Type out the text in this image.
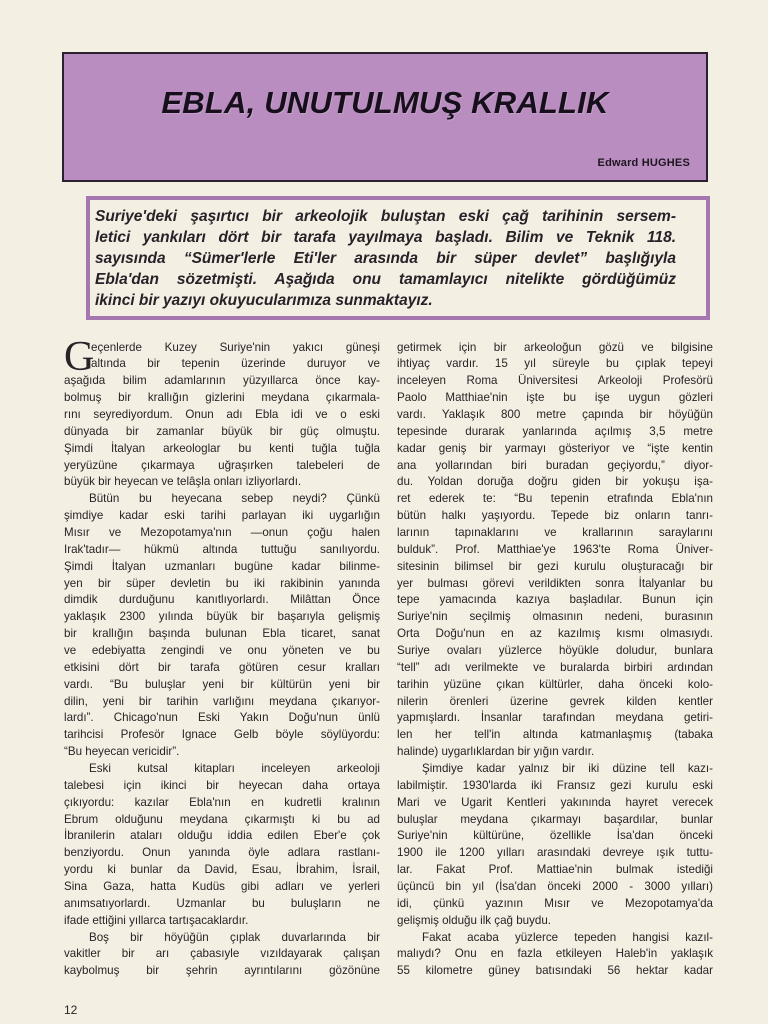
EBLA, UNUTULMUŞ KRALLIK
Edward HUGHES
Suriye'deki şaşırtıcı bir arkeolojik buluştan eski çağ tarihinin sersem-
letici yankıları dört bir tarafa yayılmaya başladı. Bilim ve Teknik 118.
sayısında “Sümer'lerle Eti'ler arasında bir süper devlet” başlığıyla
Ebla'dan sözetmişti. Aşağıda onu tamamlayıcı nitelikte gördüğümüz
ikinci bir yazıyı okuyucularımıza sunmaktayız.
G
eçenlerde Kuzey Suriye'nin yakıcı güneşi
altında bir tepenin üzerinde duruyor ve
aşağıda bilim adamlarının yüzyıllarca önce kay-
bolmuş bir krallığın gizlerini meydana çıkarmala-
rını seyrediyordum. Onun adı Ebla idi ve o eski
dünyada bir zamanlar büyük bir güç olmuştu.
Şimdi İtalyan arkeologlar bu kenti tuğla tuğla
yeryüzüne çıkarmaya uğraşırken talebeleri de
büyük bir heyecan ve telâşla onları izliyorlardı.
Bütün bu heyecana sebep neydi? Çünkü
şimdiye kadar eski tarihi parlayan iki uygarlığın
Mısır ve Mezopotamya'nın —onun çoğu halen
Irak'tadır— hükmü altında tuttuğu sanılıyordu.
Şimdi İtalyan uzmanları bugüne kadar bilinme-
yen bir süper devletin bu iki rakibinin yanında
dimdik durduğunu kanıtlıyorlardı. Milâttan Önce
yaklaşık 2300 yılında büyük bir başarıyla gelişmiş
bir krallığın başında bulunan Ebla ticaret, sanat
ve edebiyatta zengindi ve onu yöneten ve bu
etkisini dört bir tarafa götüren cesur kralları
vardı. “Bu buluşlar yeni bir kültürün yeni bir
dilin, yeni bir tarihin varlığını meydana çıkarıyor-
lardı”. Chicago'nun Eski Yakın Doğu'nun ünlü
tarihcisi Profesör Ignace Gelb böyle söylüyordu:
“Bu heyecan vericidir”.
Eski kutsal kitapları inceleyen arkeoloji
talebesi için ikinci bir heyecan daha ortaya
çıkıyordu: kazılar Ebla'nın en kudretli kralının
Ebrum olduğunu meydana çıkarmıştı ki bu ad
İbranilerin ataları olduğu iddia edilen Eber'e çok
benziyordu. Onun yanında öyle adlara rastlanı-
yordu ki bunlar da David, Esau, İbrahim, İsrail,
Sina Gaza, hatta Kudüs gibi adları ve yerleri
anımsatıyorlardı. Uzmanlar bu buluşların ne
ifade ettiğini yıllarca tartışacaklardır.
Boş bir höyüğün çıplak duvarlarında bir
vakitler bir arı çabasıyle vızıldayarak çalışan
kaybolmuş bir şehrin ayrıntılarını gözönüne
getirmek için bir arkeoloğun gözü ve bilgisine
ihtiyaç vardır. 15 yıl süreyle bu çıplak tepeyi
inceleyen Roma Üniversitesi Arkeoloji Profesörü
Paolo Matthiae'nin işte bu işe uygun gözleri
vardı. Yaklaşık 800 metre çapında bir höyüğün
tepesinde durarak yanlarında açılmış 3,5 metre
kadar geniş bir yarmayı gösteriyor ve “işte kentin
ana yollarından biri buradan geçiyordu,” diyor-
du. Yoldan doruğa doğru giden bir yokuşu işa-
ret ederek te: “Bu tepenin etrafında Ebla'nın
bütün halkı yaşıyordu. Tepede biz onların tanrı-
larının tapınaklarını ve krallarının saraylarını
bulduk”. Prof. Matthiae'ye 1963'te Roma Üniver-
sitesinin bilimsel bir gezi kurulu oluşturacağı bir
yer bulması görevi verildikten sonra İtalyanlar bu
tepe yamacında kazıya başladılar. Bunun için
Suriye'nin seçilmiş olmasının nedeni, burasının
Orta Doğu'nun en az kazılmış kısmı olmasıydı.
Suriye ovaları yüzlerce höyükle doludur, bunlara
“tell” adı verilmekte ve buralarda birbiri ardından
tarihin yüzüne çıkan kültürler, daha önceki kolo-
nilerin örenleri üzerine gevrek kilden kentler
yapmışlardı. İnsanlar tarafından meydana getiri-
len her tell'in altında katmanlaşmış (tabaka
halinde) uygarlıklardan bir yığın vardır.
Şimdiye kadar yalnız bir iki düzine tell kazı-
labilmiştir. 1930'larda iki Fransız gezi kurulu eski
Mari ve Ugarit Kentleri yakınında hayret verecek
buluşlar meydana çıkarmayı başardılar, bunlar
Suriye'nin kültürüne, özellikle İsa'dan önceki
1900 ile 1200 yılları arasındaki devreye ışık tuttu-
lar. Fakat Prof. Mattiae'nin bulmak istediği
üçüncü bin yıl (İsa'dan önceki 2000 - 3000 yılları)
idi, çünkü yazının Mısır ve Mezopotamya'da
gelişmiş olduğu ilk çağ buydu.
Fakat acaba yüzlerce tepeden hangisi kazıl-
malıydı? Onu en fazla etkileyen Haleb'in yaklaşık
55 kilometre güney batısındaki 56 hektar kadar
12
